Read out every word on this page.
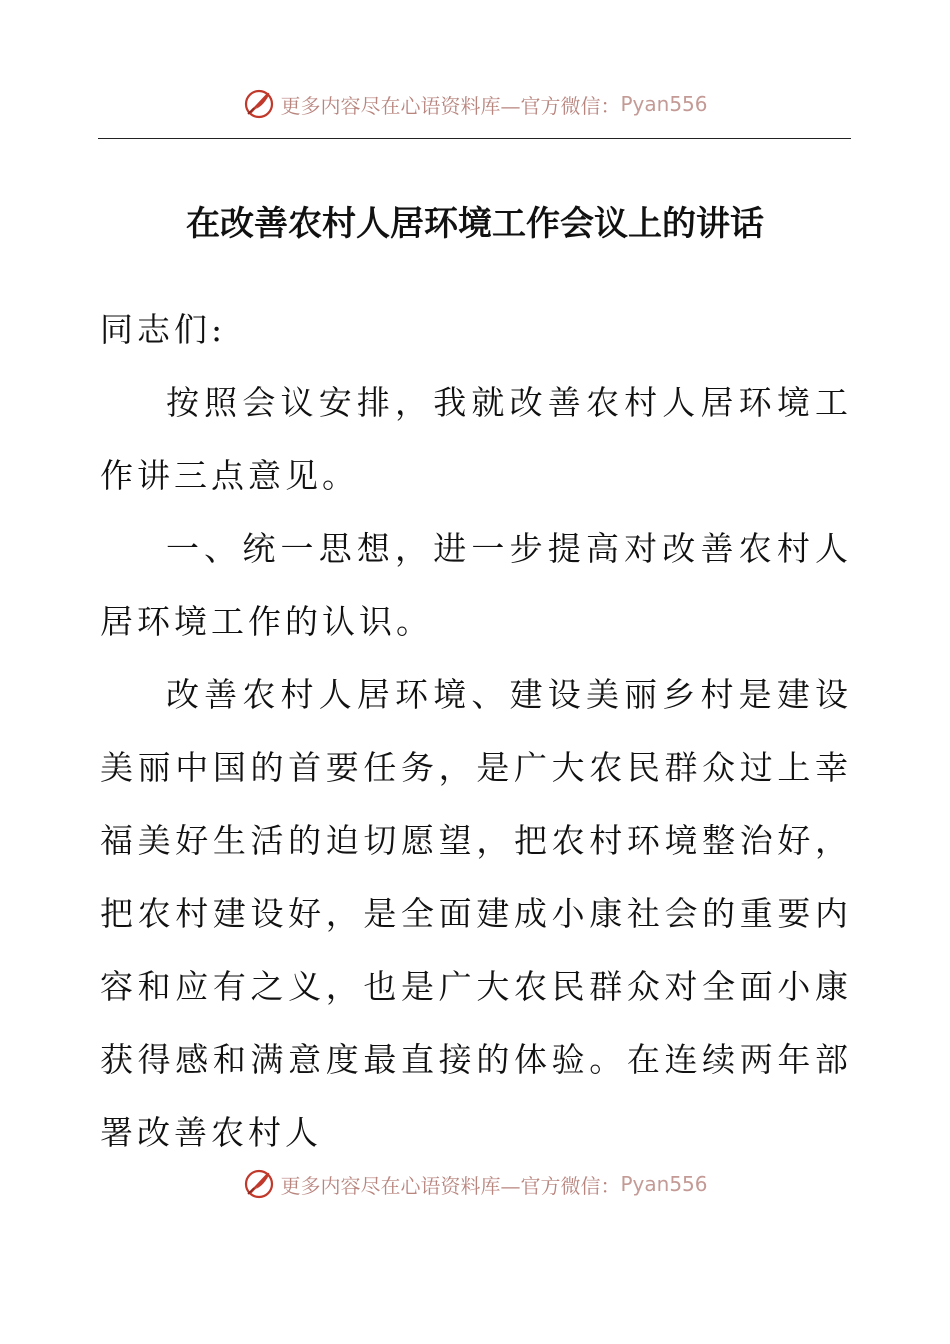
更多内容尽在心语资料库—官方微信： Pyan556
在改善农村人居环境工作会议上的讲话

同志们:

按照会议安排，我就改善农村人居环境工作讲三点意见。

一、统一思想，进一步提高对改善农村人居环境工作的认识。

改善农村人居环境、建设美丽乡村是建设美丽中国的首要任务，是广大农民群众过上幸福美好生活的迫切愿望，把农村环境整治好，把农村建设好，是全面建成小康社会的重要内容和应有之义，也是广大农民群众对全面小康获得感和满意度最直接的体验。在连续两年部署改善农村人

更多内容尽在心语资料库—官方微信： Pyan556
